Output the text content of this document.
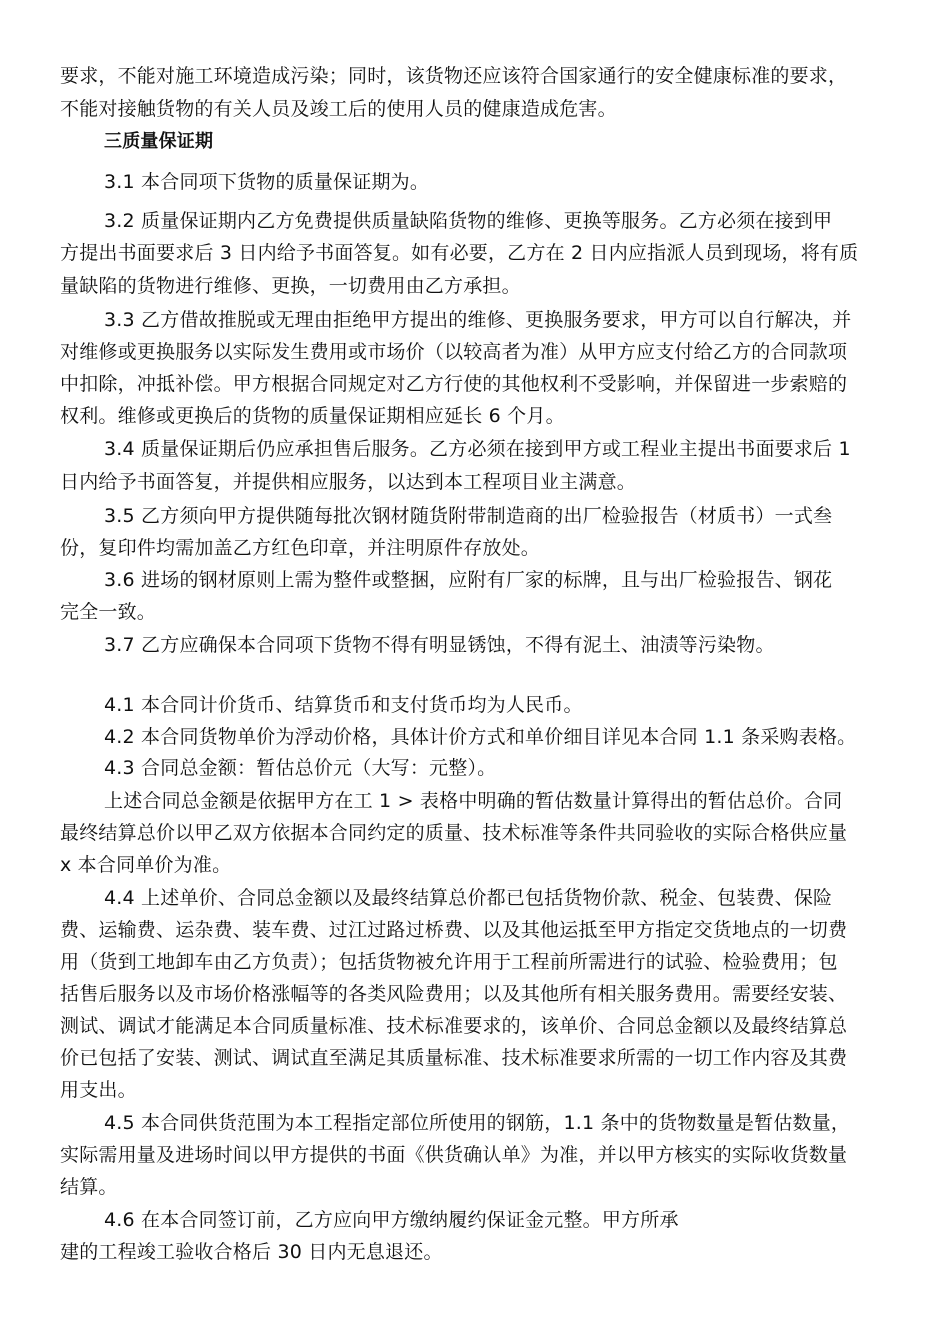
要求，不能对施工环境造成污染；同时，该货物还应该符合国家通行的安全健康标准的要求，
不能对接触货物的有关人员及竣工后的使用人员的健康造成危害。
三质量保证期
3.1 本合同项下货物的质量保证期为。
3.2 质量保证期内乙方免费提供质量缺陷货物的维修、更换等服务。乙方必须在接到甲
方提出书面要求后 3 日内给予书面答复。如有必要，乙方在 2 日内应指派人员到现场，将有质
量缺陷的货物进行维修、更换，一切费用由乙方承担。
3.3 乙方借故推脱或无理由拒绝甲方提出的维修、更换服务要求，甲方可以自行解决，并
对维修或更换服务以实际发生费用或市场价（以较高者为准）从甲方应支付给乙方的合同款项
中扣除，冲抵补偿。甲方根据合同规定对乙方行使的其他权利不受影响，并保留进一步索赔的
权利。维修或更换后的货物的质量保证期相应延长 6 个月。
3.4 质量保证期后仍应承担售后服务。乙方必须在接到甲方或工程业主提出书面要求后 1
日内给予书面答复，并提供相应服务，以达到本工程项目业主满意。
3.5 乙方须向甲方提供随每批次钢材随货附带制造商的出厂检验报告（材质书）一式叁
份，复印件均需加盖乙方红色印章，并注明原件存放处。
3.6 进场的钢材原则上需为整件或整捆，应附有厂家的标牌，且与出厂检验报告、钢花
完全一致。
3.7 乙方应确保本合同项下货物不得有明显锈蚀，不得有泥土、油渍等污染物。
4.1 本合同计价货币、结算货币和支付货币均为人民币。
4.2 本合同货物单价为浮动价格，具体计价方式和单价细目详见本合同 1.1 条采购表格。
4.3 合同总金额：暂估总价元（大写：元整）。
上述合同总金额是依据甲方在工 1 > 表格中明确的暂估数量计算得出的暂估总价。合同
最终结算总价以甲乙双方依据本合同约定的质量、技术标准等条件共同验收的实际合格供应量
x 本合同单价为准。
4.4 上述单价、合同总金额以及最终结算总价都已包括货物价款、税金、包装费、保险
费、运输费、运杂费、装车费、过江过路过桥费、以及其他运抵至甲方指定交货地点的一切费
用（货到工地卸车由乙方负责）；包括货物被允许用于工程前所需进行的试验、检验费用；包
括售后服务以及市场价格涨幅等的各类风险费用；以及其他所有相关服务费用。需要经安装、
测试、调试才能满足本合同质量标准、技术标准要求的，该单价、合同总金额以及最终结算总
价已包括了安装、测试、调试直至满足其质量标准、技术标准要求所需的一切工作内容及其费
用支出。
4.5 本合同供货范围为本工程指定部位所使用的钢筋，1.1 条中的货物数量是暂估数量，
实际需用量及进场时间以甲方提供的书面《供货确认单》为准，并以甲方核实的实际收货数量
结算。
4.6 在本合同签订前，乙方应向甲方缴纳履约保证金元整。甲方所承
建的工程竣工验收合格后 30 日内无息退还。
